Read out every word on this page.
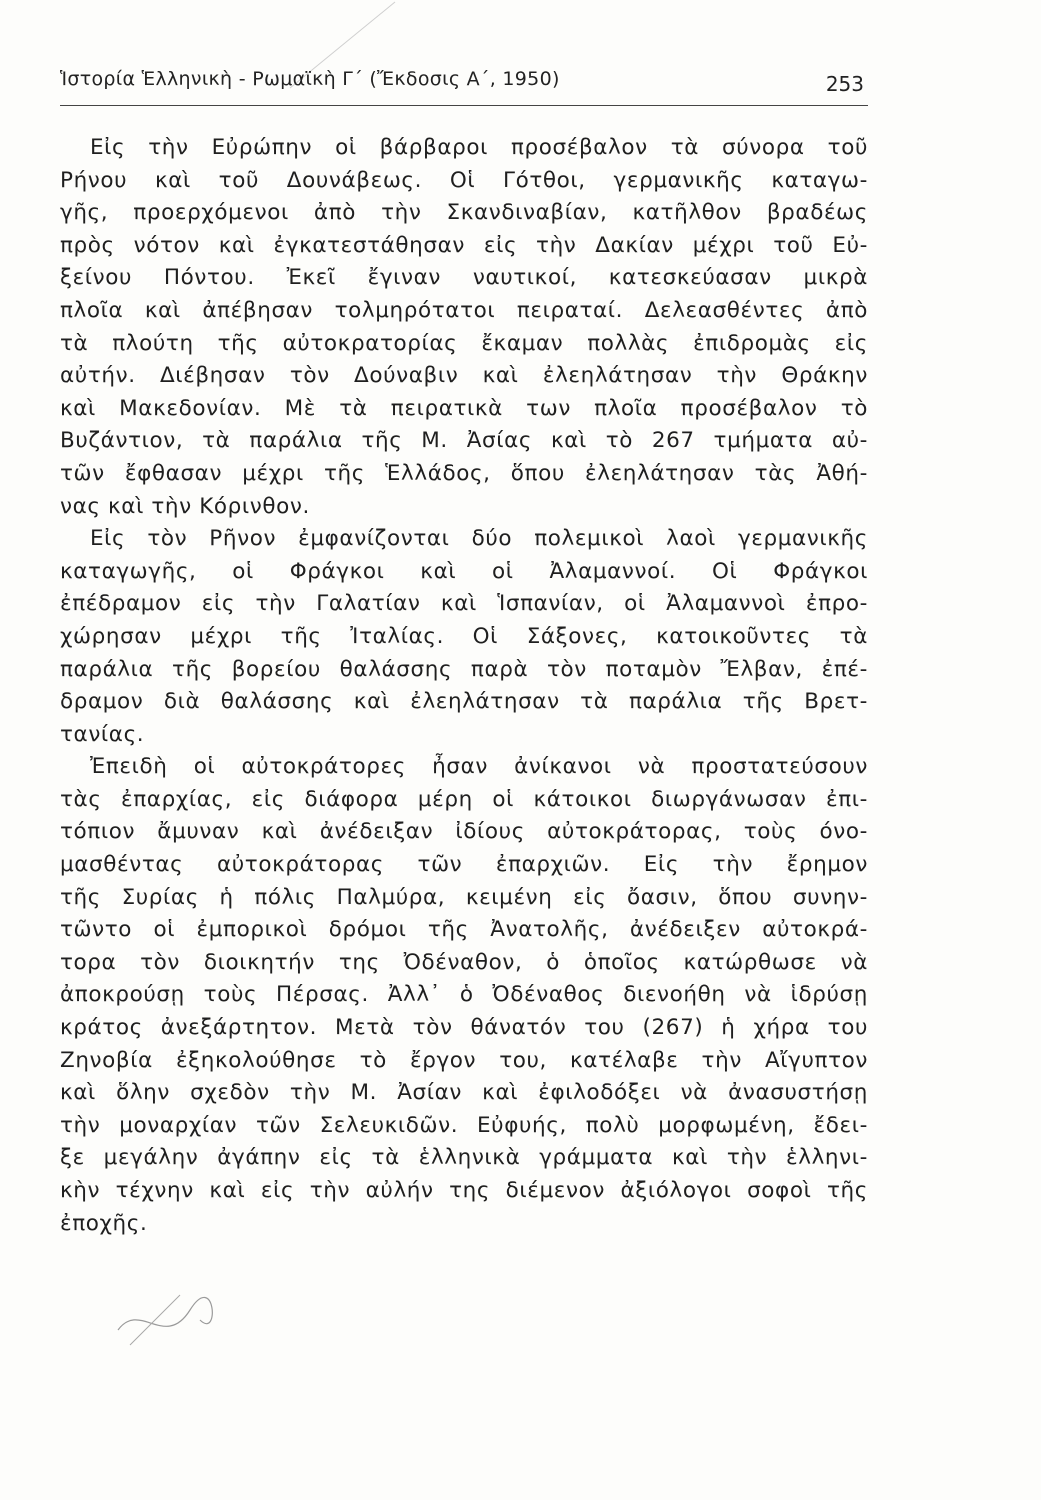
Ἱστορία Ἑλληνικὴ - Ρωμαϊκὴ Γ΄ (Ἔκδοσις Α΄, 1950)	253
Εἰς τὴν Εὐρώπην οἱ βάρβαροι προσέβαλον τὰ σύνορα τοῦ
Ρήνου καὶ τοῦ Δουνάβεως. Οἱ Γότθοι, γερμανικῆς καταγω-
γῆς, προερχόμενοι ἀπὸ τὴν Σκανδιναβίαν, κατῆλθον βραδέως
πρὸς νότον καὶ ἐγκατεστάθησαν εἰς τὴν Δακίαν μέχρι τοῦ Εὐ-
ξείνου Πόντου. Ἐκεῖ ἔγιναν ναυτικοί, κατεσκεύασαν μικρὰ
πλοῖα καὶ ἀπέβησαν τολμηρότατοι πειραταί. Δελεασθέντες ἀπὸ
τὰ πλούτη τῆς αὐτοκρατορίας ἔκαμαν πολλὰς ἐπιδρομὰς εἰς
αὐτήν. Διέβησαν τὸν Δούναβιν καὶ ἐλεηλάτησαν τὴν Θράκην
καὶ Μακεδονίαν. Μὲ τὰ πειρατικὰ των πλοῖα προσέβαλον τὸ
Βυζάντιον, τὰ παράλια τῆς Μ. Ἀσίας καὶ τὸ 267 τμήματα αὐ-
τῶν ἔφθασαν μέχρι τῆς Ἑλλάδος, ὅπου ἐλεηλάτησαν τὰς Ἀθή-
νας καὶ τὴν Κόρινθον.
Εἰς τὸν Ρῆνον ἐμφανίζονται δύο πολεμικοὶ λαοὶ γερμανικῆς
καταγωγῆς, οἱ Φράγκοι καὶ οἱ Ἀλαμαννοί. Οἱ Φράγκοι
ἐπέδραμον εἰς τὴν Γαλατίαν καὶ Ἱσπανίαν, οἱ Ἀλαμαννοὶ ἐπρο-
χώρησαν μέχρι τῆς Ἰταλίας. Οἱ Σάξονες, κατοικοῦντες τὰ
παράλια τῆς βορείου θαλάσσης παρὰ τὸν ποταμὸν Ἔλβαν, ἐπέ-
δραμον διὰ θαλάσσης καὶ ἐλεηλάτησαν τὰ παράλια τῆς Βρετ-
τανίας.
Ἐπειδὴ οἱ αὐτοκράτορες ἦσαν ἀνίκανοι νὰ προστατεύσουν
τὰς ἐπαρχίας, εἰς διάφορα μέρη οἱ κάτοικοι διωργάνωσαν ἐπι-
τόπιον ἄμυναν καὶ ἀνέδειξαν ἰδίους αὐτοκράτορας, τοὺς όνο-
μασθέντας αὐτοκράτορας τῶν ἐπαρχιῶν. Εἰς τὴν ἔρημον
τῆς Συρίας ἡ πόλις Παλμύρα, κειμένη εἰς ὄασιν, ὅπου συνην-
τῶντο οἱ ἐμπορικοὶ δρόμοι τῆς Ἀνατολῆς, ἀνέδειξεν αὐτοκρά-
τορα τὸν διοικητήν της Ὀδέναθον, ὁ ὁποῖος κατώρθωσε νὰ
ἀποκρούσῃ τοὺς Πέρσας. Ἀλλ᾽ ὁ Ὀδέναθος διενοήθη νὰ ἱδρύσῃ
κράτος ἀνεξάρτητον. Μετὰ τὸν θάνατόν του (267) ἡ χήρα του
Ζηνοβία ἐξηκολούθησε τὸ ἔργον του, κατέλαβε τὴν Αἴγυπτον
καὶ ὅλην σχεδὸν τὴν Μ. Ἀσίαν καὶ ἐφιλοδόξει νὰ ἀνασυστήσῃ
τὴν μοναρχίαν τῶν Σελευκιδῶν. Εὐφυής, πολὺ μορφωμένη, ἔδει-
ξε μεγάλην ἀγάπην εἰς τὰ ἑλληνικὰ γράμματα καὶ τὴν ἑλληνι-
κὴν τέχνην καὶ εἰς τὴν αὐλήν της διέμενον ἀξιόλογοι σοφοὶ τῆς
ἐποχῆς.
